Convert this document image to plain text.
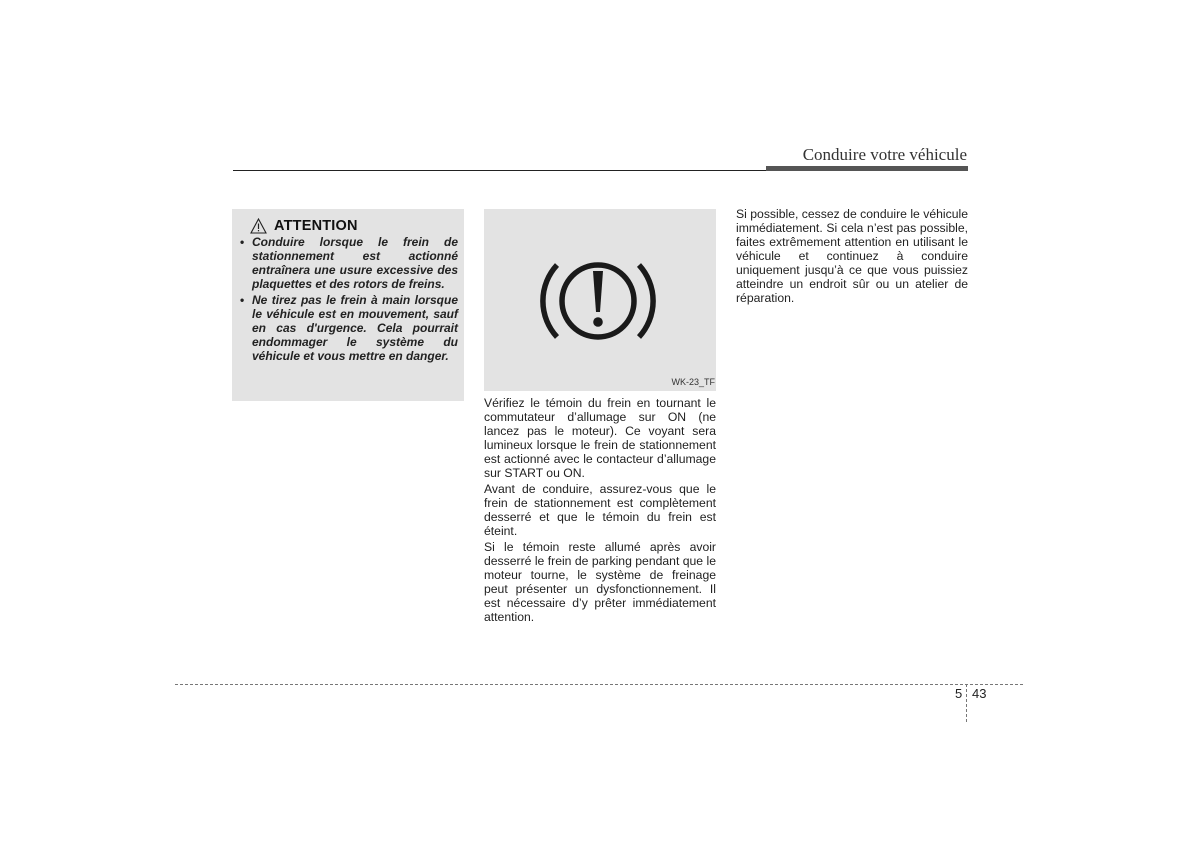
Conduire votre véhicule
ATTENTION
• Conduire lorsque le frein de stationnement est actionné entraînera une usure excessive des plaquettes et des rotors de freins.
• Ne tirez pas le frein à main lorsque le véhicule est en mouvement, sauf en cas d'urgence. Cela pourrait endommager le système du véhicule et vous mettre en danger.
WK-23_TF

Vérifiez le témoin du frein en tournant le commutateur d’allumage sur ON (ne lancez pas le moteur). Ce voyant sera lumineux lorsque le frein de stationnement est actionné avec le contacteur d’allumage sur START ou ON.

Avant de conduire, assurez-vous que le frein de stationnement est complètement desserré et que le témoin du frein est éteint.

Si le témoin reste allumé après avoir desserré le frein de parking pendant que le moteur tourne, le système de freinage peut présenter un dysfonctionnement. Il est nécessaire d’y prêter immédiatement attention.

Si possible, cessez de conduire le véhicule immédiatement. Si cela n’est pas possible, faites extrêmement attention en utilisant le véhicule et continuez à conduire uniquement jusqu’à ce que vous puissiez atteindre un endroit sûr ou un atelier de réparation.

5 43
